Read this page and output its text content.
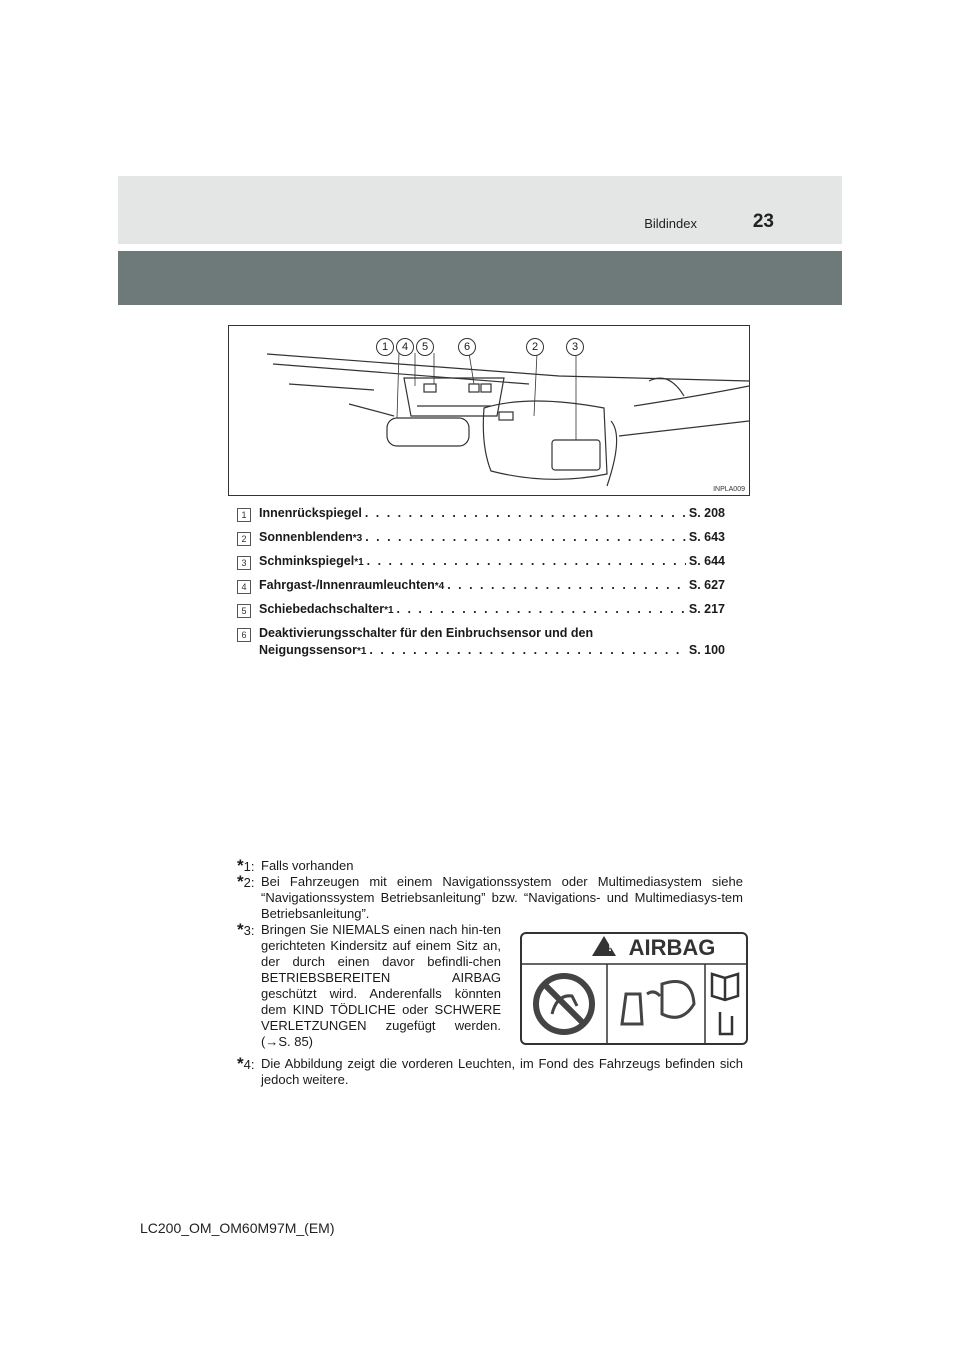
Bildindex	23
INPLA009
1	4	5	6	2	3
1	Innenrückspiegel . . .	S. 208
2	Sonnenblenden *3 . . .	S. 643
3	Schminkspiegel *1 . . .	S. 644
4	Fahrgast-/Innenraumleuchten *4 . . .	S. 627
5	Schiebedachschalter *1 . . .	S. 217
6	Deaktivierungsschalter für den Einbruchsensor und den
Neigungssensor *1 . . .	S. 100
*1: Falls vorhanden
*2: Bei Fahrzeugen mit einem Navigationssystem oder Multimediasystem siehe “Navigationssystem Betriebsanleitung” bzw. “Navigations- und Multimediasys-tem Betriebsanleitung”.
*3: Bringen Sie NIEMALS einen nach hin-ten gerichteten Kindersitz auf einem Sitz an, der durch einen davor befindli-chen BETRIEBSBEREITEN AIRBAG geschützt wird. Anderenfalls könnten dem KIND TÖDLICHE oder SCHWERE VERLETZUNGEN zugefügt werden. (→S. 85)
*4: Die Abbildung zeigt die vorderen Leuchten, im Fond des Fahrzeugs befinden sich jedoch weitere.
! AIRBAG
LC200_OM_OM60M97M_(EM)
